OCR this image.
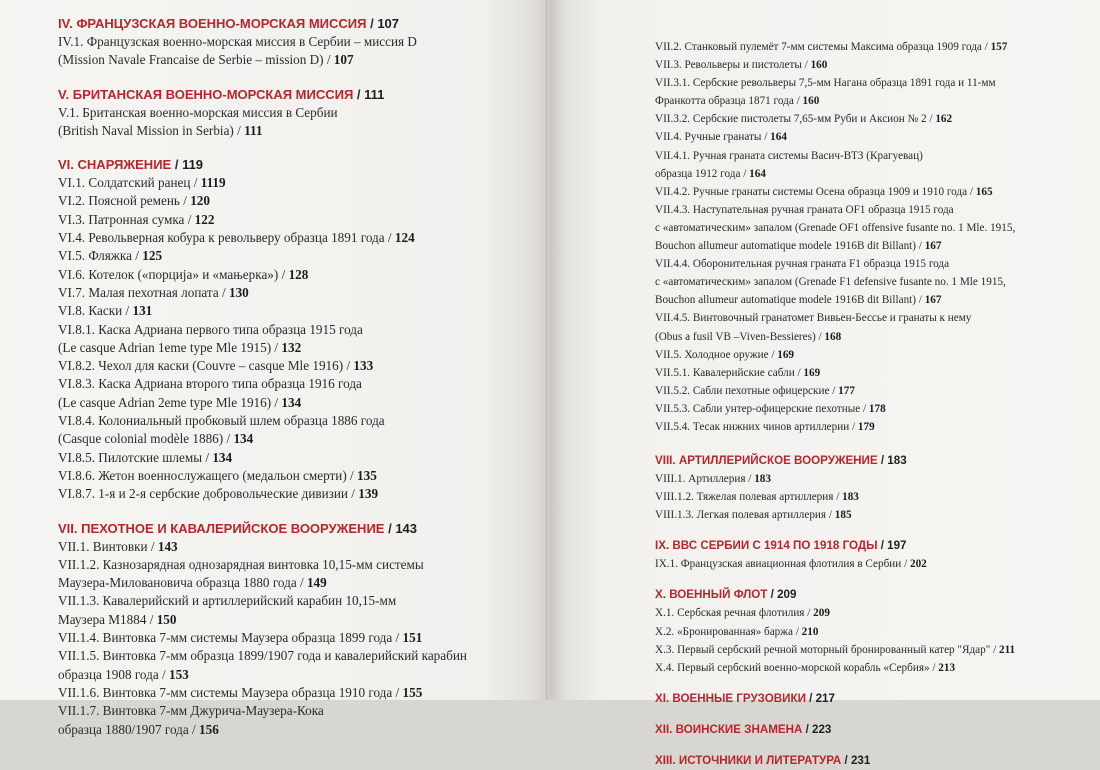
IV. ФРАНЦУЗСКАЯ ВОЕННО-МОРСКАЯ МИССИЯ / 107
IV.1. Французская военно-морская миссия в Сербии – миссия D
(Mission Navale Francaise de Serbie – mission D) / 107
V. БРИТАНСКАЯ ВОЕННО-МОРСКАЯ МИССИЯ / 111
V.1. Британская военно-морская миссия в Сербии
(British Naval Mission in Serbia) / 111
VI. СНАРЯЖЕНИЕ / 119
VI.1. Солдатский ранец / 1119
VI.2. Поясной ремень / 120
VI.3. Патронная сумка / 122
VI.4. Револьверная кобура к револьверу образца 1891 года / 124
VI.5. Фляжка / 125
VI.6. Котелок («порција» и «мањерка») / 128
VI.7. Малая пехотная лопата / 130
VI.8. Каски / 131
VI.8.1. Каска Адриана первого типа образца 1915 года
(Le casque Adrian 1eme type Mle 1915) / 132
VI.8.2. Чехол для каски (Couvre – casque Mle 1916) / 133
VI.8.3. Каска Адриана второго типа образца 1916 года
(Le casque Adrian 2eme type Mle 1916) / 134
VI.8.4. Колониальный пробковый шлем образца 1886 года
(Casque colonial modèle 1886) / 134
VI.8.5. Пилотские шлемы / 134
VI.8.6. Жетон военнослужащего (медальон смерти) / 135
VI.8.7. 1-я и 2-я сербские добровольческие дивизии / 139
VII. ПЕХОТНОЕ И КАВАЛЕРИЙСКОЕ ВООРУЖЕНИЕ / 143
VII.1. Винтовки / 143
VII.1.2. Казнозарядная однозарядная винтовка 10,15-мм системы
Маузера-Миловановича образца 1880 года / 149
VII.1.3. Кавалерийский и артиллерийский карабин 10,15-мм
Маузера М1884 / 150
VII.1.4. Винтовка 7-мм системы Маузера образца 1899 года / 151
VII.1.5. Винтовка 7-мм образца 1899/1907 года и кавалерийский карабин
образца 1908 года / 153
VII.1.6. Винтовка 7-мм системы Маузера образца 1910 года / 155
VII.1.7. Винтовка 7-мм Джурича-Маузера-Кока
образца 1880/1907 года / 156
VII.2. Станковый пулемёт 7-мм системы Максима образца 1909 года / 157
VII.3. Револьверы и пистолеты / 160
VII.3.1. Сербские револьверы 7,5-мм Нагана образца 1891 года и 11-мм
Франкотта образца 1871 года / 160
VII.3.2. Сербские пистолеты 7,65-мм Руби и Аксион № 2 / 162
VII.4. Ручные гранаты / 164
VII.4.1. Ручная граната системы Васич-ВТЗ (Крагуевац)
образца 1912 года / 164
VII.4.2. Ручные гранаты системы Осена образца 1909 и 1910 года / 165
VII.4.3. Наступательная ручная граната OF1 образца 1915 года
с «автоматическим» запалом (Grenade OF1 offensive fusante no. 1 Mle. 1915,
Bouchon allumeur automatique modele 1916B dit Billant) / 167
VII.4.4. Оборонительная ручная граната F1 образца 1915 года
с «автоматическим» запалом (Grenade F1 defensive fusante no. 1 Mle 1915,
Bouchon allumeur automatique modele 1916B dit Billant) / 167
VII.4.5. Винтовочный гранатомет Вивьен-Бессье и гранаты к нему
(Obus a fusil VB –Viven-Bessieres) / 168
VII.5. Холодное оружие / 169
VII.5.1. Кавалерийские сабли / 169
VII.5.2. Сабли пехотные офицерские / 177
VII.5.3. Сабли унтер-офицерские пехотные / 178
VII.5.4. Тесак нижних чинов артиллерии / 179
VIII. АРТИЛЛЕРИЙСКОЕ ВООРУЖЕНИЕ / 183
VIII.1. Артиллерия / 183
VIII.1.2. Тяжелая полевая артиллерия / 183
VIII.1.3. Легкая полевая артиллерия / 185
IX. ВВС СЕРБИИ С 1914 ПО 1918 ГОДЫ / 197
IX.1. Французская авиационная флотилия в Сербии / 202
X. ВОЕННЫЙ ФЛОТ / 209
X.1. Сербская речная флотилия / 209
X.2. «Бронированная» баржа / 210
X.3. Первый сербский речной моторный бронированный катер "Ядар" / 211
X.4. Первый сербский военно-морской корабль «Сербия» / 213
XI. ВОЕННЫЕ ГРУЗОВИКИ / 217
XII. ВОИНСКИЕ ЗНАМЕНА / 223
XIII. ИСТОЧНИКИ И ЛИТЕРАТУРА / 231
